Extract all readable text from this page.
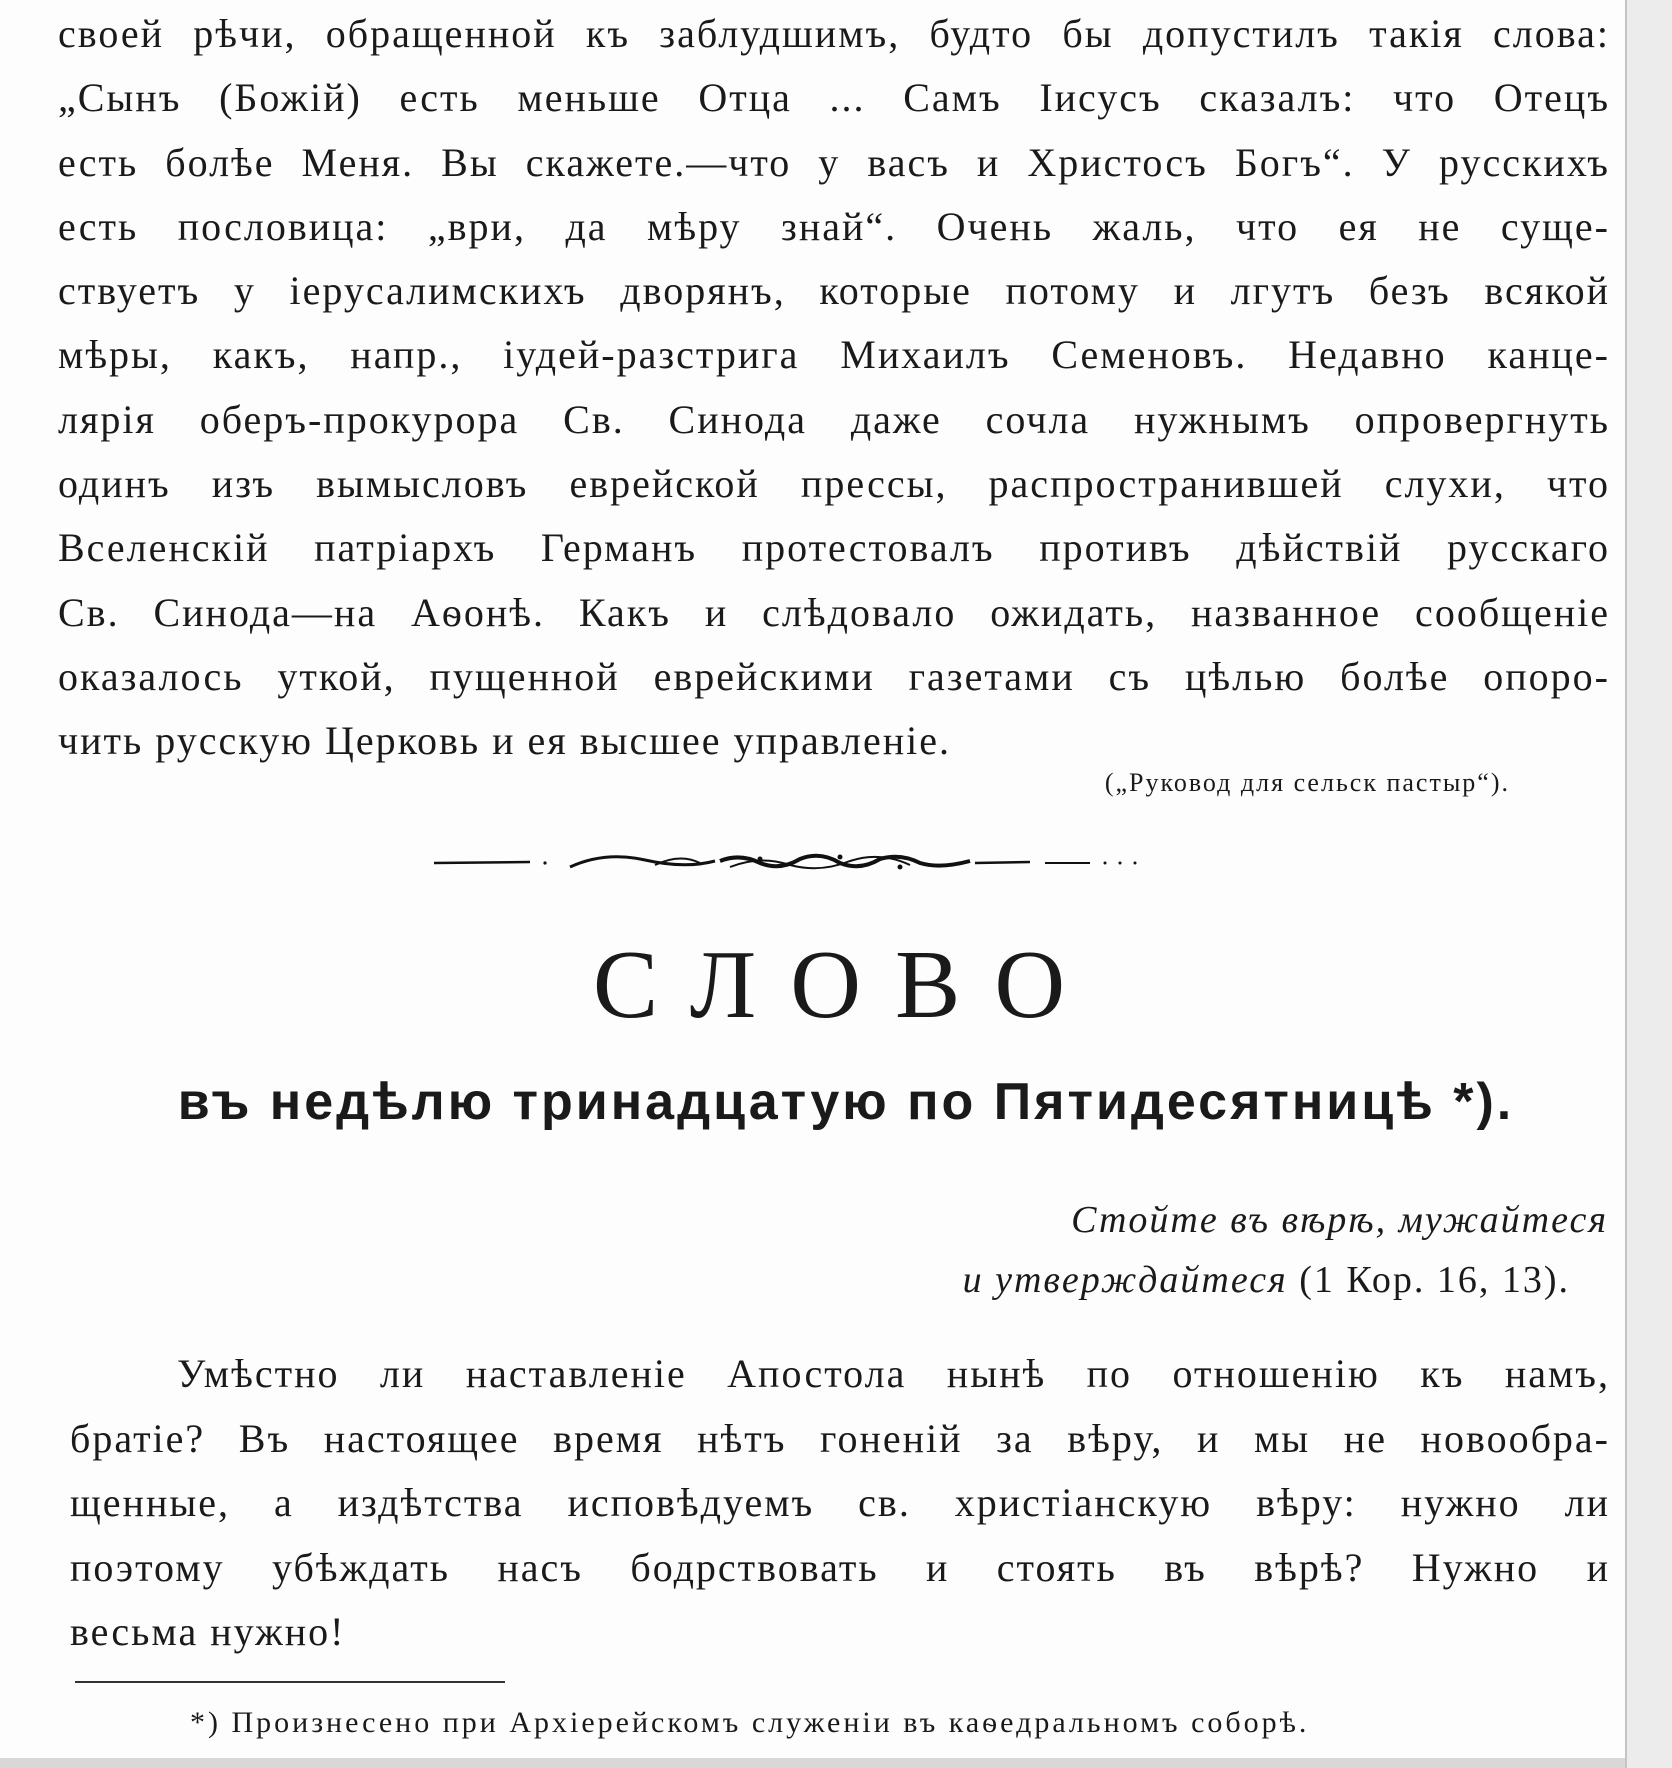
своей рѣчи, обращенной къ заблудшимъ, будто бы допустилъ такія слова:
„Сынъ (Божій) есть меньше Отца ... Самъ Іисусъ сказалъ: что Отецъ
есть болѣе Меня. Вы скажете.—что у васъ и Христосъ Богъ“. У русскихъ
есть пословица: „ври, да мѣру знай“. Очень жаль, что ея не суще-
ствуетъ у іерусалимскихъ дворянъ, которые потому и лгутъ безъ всякой
мѣры, какъ, напр., іудей-разстрига Михаилъ Семеновъ. Недавно канце-
лярія оберъ-прокурора Св. Синода даже сочла нужнымъ опровергнуть
одинъ изъ вымысловъ еврейской прессы, распространившей слухи, что
Вселенскій патріархъ Германъ протестовалъ противъ дѣйствій русскаго
Св. Синода—на Аѳонѣ. Какъ и слѣдовало ожидать, названное сообщеніе
оказалось уткой, пущенной еврейскими газетами съ цѣлью болѣе опоро-
чить русскую Церковь и ея высшее управленіе.
(„Руковод для сельск пастыр“).
СЛОВО
въ недѣлю тринадцатую по Пятидесятницѣ *).
Стойте въ вѣрѣ, мужайтеся
и утверждайтеся (1 Кор. 16, 13).
Умѣстно ли наставленіе Апостола нынѣ по отношенію къ намъ,
братіе? Въ настоящее время нѣтъ гоненій за вѣру, и мы не новообра-
щенные, а издѣтства исповѣдуемъ св. христіанскую вѣру: нужно ли
поэтому убѣждать насъ бодрствовать и стоять въ вѣрѣ? Нужно и
весьма нужно!
*) Произнесено при Архіерейскомъ служеніи въ каѳедральномъ соборѣ.
